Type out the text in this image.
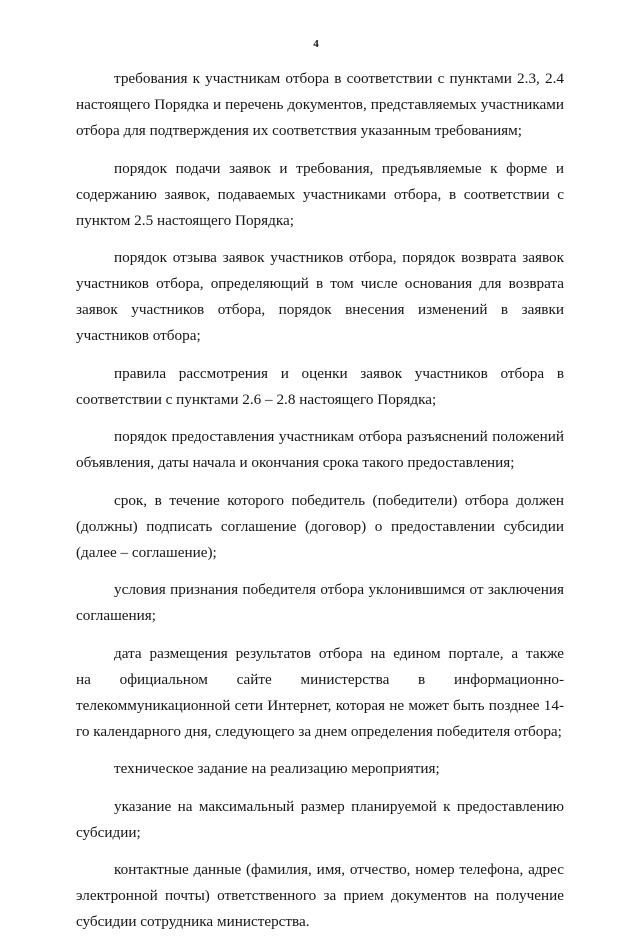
4

требования к участникам отбора в соответствии с пунктами 2.3, 2.4 настоящего Порядка и перечень документов, представляемых участниками отбора для подтверждения их соответствия указанным требованиям;

порядок подачи заявок и требования, предъявляемые к форме и содержанию заявок, подаваемых участниками отбора, в соответствии с пунктом 2.5 настоящего Порядка;

порядок отзыва заявок участников отбора, порядок возврата заявок участников отбора, определяющий в том числе основания для возврата заявок участников отбора, порядок внесения изменений в заявки участников отбора;

правила рассмотрения и оценки заявок участников отбора в соответствии с пунктами 2.6 – 2.8 настоящего Порядка;

порядок предоставления участникам отбора разъяснений положений объявления, даты начала и окончания срока такого предоставления;

срок, в течение которого победитель (победители) отбора должен (должны) подписать соглашение (договор) о предоставлении субсидии (далее – соглашение);

условия признания победителя отбора уклонившимся от заключения соглашения;

дата размещения результатов отбора на едином портале, а также
на официальном сайте министерства в информационно-
телекоммуникационной сети Интернет, которая не может быть позднее 14-го календарного дня, следующего за днем определения победителя отбора;

техническое задание на реализацию мероприятия;

указание на максимальный размер планируемой к предоставлению субсидии;

контактные данные (фамилия, имя, отчество, номер телефона, адрес электронной почты) ответственного за прием документов на получение субсидии сотрудника министерства.
